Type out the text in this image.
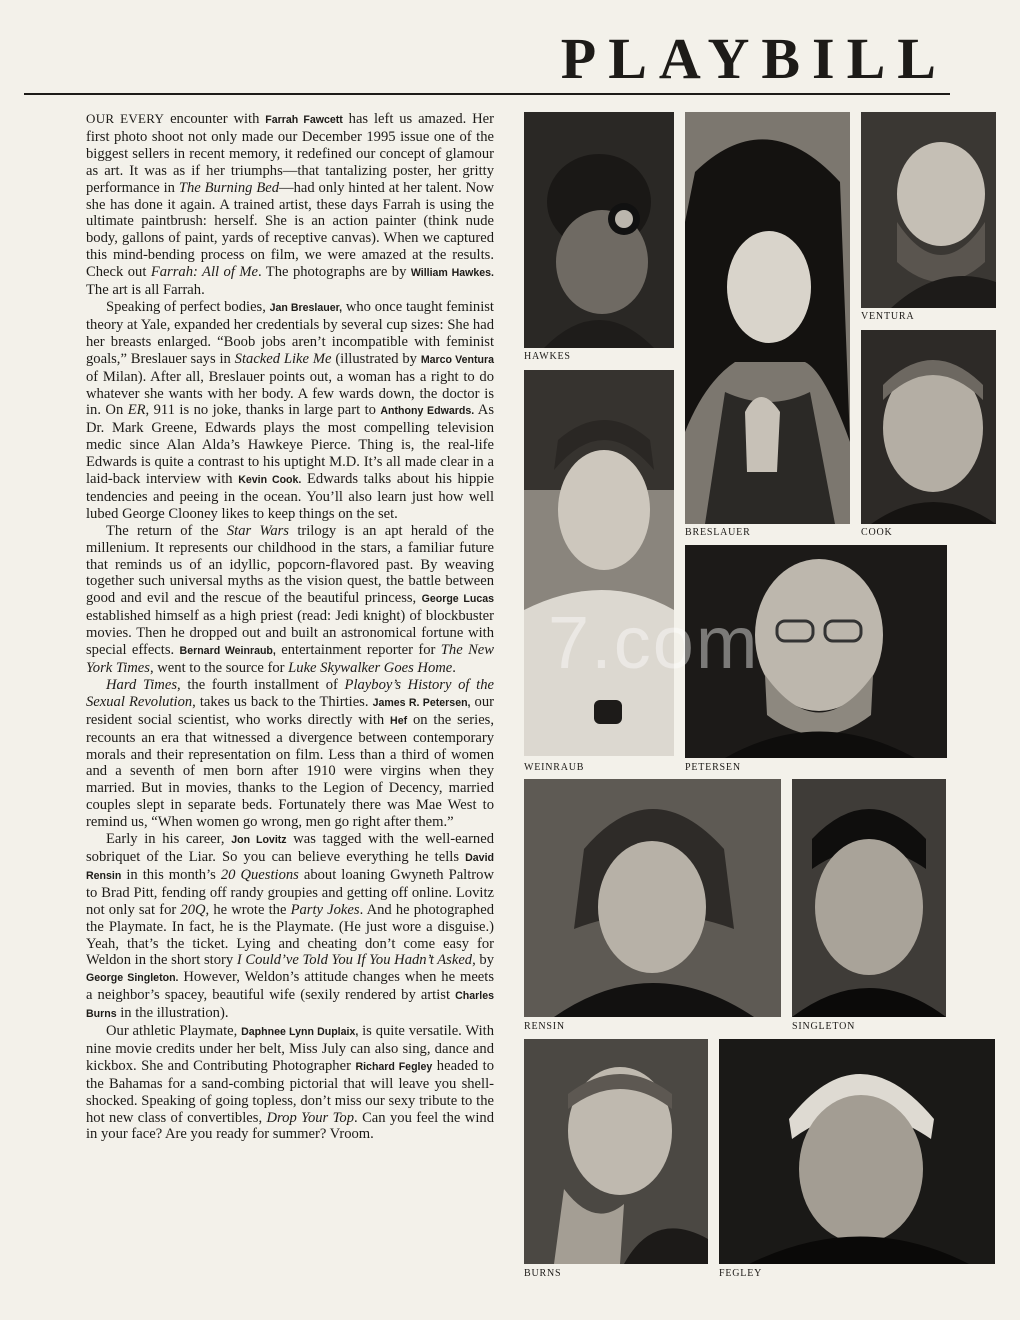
PLAYBILL

OUR EVERY encounter with Farrah Fawcett has left us amazed. Her first photo shoot not only made our December 1995 issue one of the biggest sellers in recent memory, it redefined our concept of glamour as art. It was as if her triumphs—that tantalizing poster, her gritty performance in The Burning Bed—had only hinted at her talent. Now she has done it again. A trained artist, these days Farrah is using the ultimate paintbrush: herself. She is an action painter (think nude body, gallons of paint, yards of receptive canvas). When we captured this mind-bending process on film, we were amazed at the results. Check out Farrah: All of Me. The photographs are by William Hawkes. The art is all Farrah.

Speaking of perfect bodies, Jan Breslauer, who once taught feminist theory at Yale, expanded her credentials by several cup sizes: She had her breasts enlarged. “Boob jobs aren’t incompatible with feminist goals,” Breslauer says in Stacked Like Me (illustrated by Marco Ventura of Milan). After all, Breslauer points out, a woman has a right to do whatever she wants with her body. A few wards down, the doctor is in. On ER, 911 is no joke, thanks in large part to Anthony Edwards. As Dr. Mark Greene, Edwards plays the most compelling television medic since Alan Alda’s Hawkeye Pierce. Thing is, the real-life Edwards is quite a contrast to his uptight M.D. It’s all made clear in a laid-back interview with Kevin Cook. Edwards talks about his hippie tendencies and peeing in the ocean. You’ll also learn just how well lubed George Clooney likes to keep things on the set.

The return of the Star Wars trilogy is an apt herald of the millenium. It represents our childhood in the stars, a familiar future that reminds us of an idyllic, popcorn-flavored past. By weaving together such universal myths as the vision quest, the battle between good and evil and the rescue of the beautiful princess, George Lucas established himself as a high priest (read: Jedi knight) of blockbuster movies. Then he dropped out and built an astronomical fortune with special effects. Bernard Weinraub, entertainment reporter for The New York Times, went to the source for Luke Skywalker Goes Home.

Hard Times, the fourth installment of Playboy’s History of the Sexual Revolution, takes us back to the Thirties. James R. Petersen, our resident social scientist, who works directly with Hef on the series, recounts an era that witnessed a divergence between contemporary morals and their representation on film. Less than a third of women and a seventh of men born after 1910 were virgins when they married. But in movies, thanks to the Legion of Decency, married couples slept in separate beds. Fortunately there was Mae West to remind us, “When women go wrong, men go right after them.”

Early in his career, Jon Lovitz was tagged with the well-earned sobriquet of the Liar. So you can believe everything he tells David Rensin in this month’s 20 Questions about loaning Gwyneth Paltrow to Brad Pitt, fending off randy groupies and getting off online. Lovitz not only sat for 20Q, he wrote the Party Jokes. And he photographed the Playmate. In fact, he is the Playmate. (He just wore a disguise.) Yeah, that’s the ticket. Lying and cheating don’t come easy for Weldon in the short story I Could’ve Told You If You Hadn’t Asked, by George Singleton. However, Weldon’s attitude changes when he meets a neighbor’s spacey, beautiful wife (sexily rendered by artist Charles Burns in the illustration).

Our athletic Playmate, Daphnee Lynn Duplaix, is quite versatile. With nine movie credits under her belt, Miss July can also sing, dance and kickbox. She and Contributing Photographer Richard Fegley headed to the Bahamas for a sand-combing pictorial that will leave you shell-shocked. Speaking of going topless, don’t miss our sexy tribute to the hot new class of convertibles, Drop Your Top. Can you feel the wind in your face? Are you ready for summer? Vroom.

HAWKES
BRESLAUER
VENTURA
COOK
WEINRAUB	PETERSEN
RENSIN	SINGLETON
BURNS	FEGLEY
7.com
